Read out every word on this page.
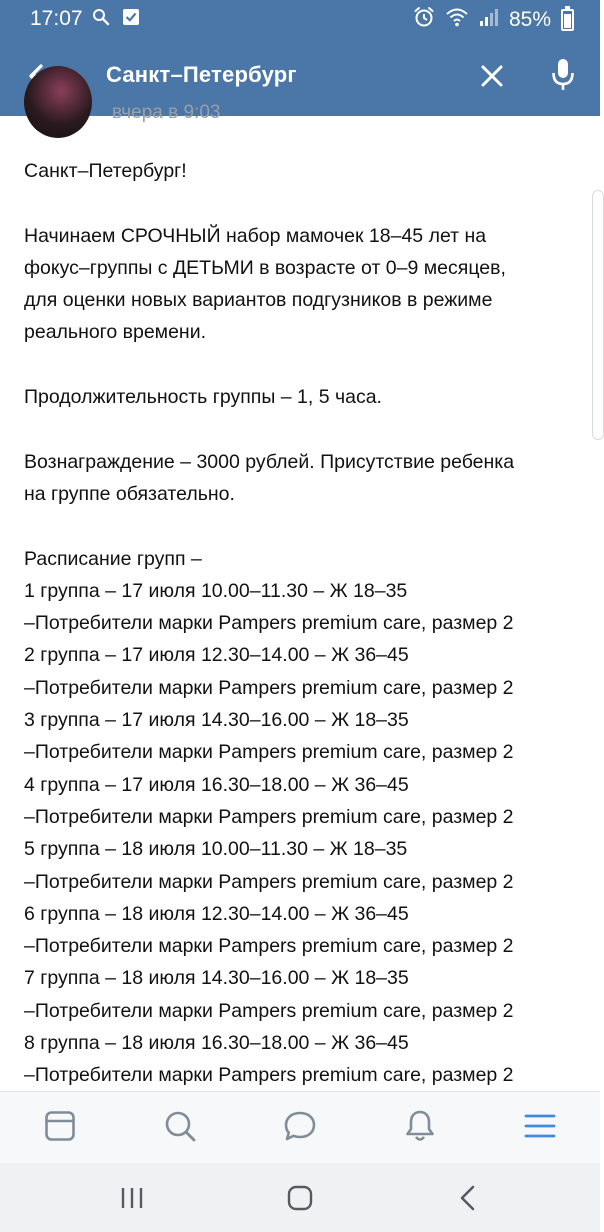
17:07	85%
Санкт–Петербург
вчера в 9:03
Санкт–Петербург!
Начинаем СРОЧНЫЙ набор мамочек 18–45 лет на
фокус–группы с ДЕТЬМИ в возрасте от 0–9 месяцев,
для оценки новых вариантов подгузников в режиме
реального времени.
Продолжительность группы – 1, 5 часа.
Вознаграждение – 3000 рублей. Присутствие ребенка
на группе обязательно.
Расписание групп –
1 группа – 17 июля 10.00–11.30 – Ж 18–35
–Потребители марки Pampers premium care, размер 2
2 группа – 17 июля 12.30–14.00 – Ж 36–45
–Потребители марки Pampers premium care, размер 2
3 группа – 17 июля 14.30–16.00 – Ж 18–35
–Потребители марки Pampers premium care, размер 2
4 группа – 17 июля 16.30–18.00 – Ж 36–45
–Потребители марки Pampers premium care, размер 2
5 группа – 18 июля 10.00–11.30 – Ж 18–35
–Потребители марки Pampers premium care, размер 2
6 группа – 18 июля 12.30–14.00 – Ж 36–45
–Потребители марки Pampers premium care, размер 2
7 группа – 18 июля 14.30–16.00 – Ж 18–35
–Потребители марки Pampers premium care, размер 2
8 группа – 18 июля 16.30–18.00 – Ж 36–45
–Потребители марки Pampers premium care, размер 2
